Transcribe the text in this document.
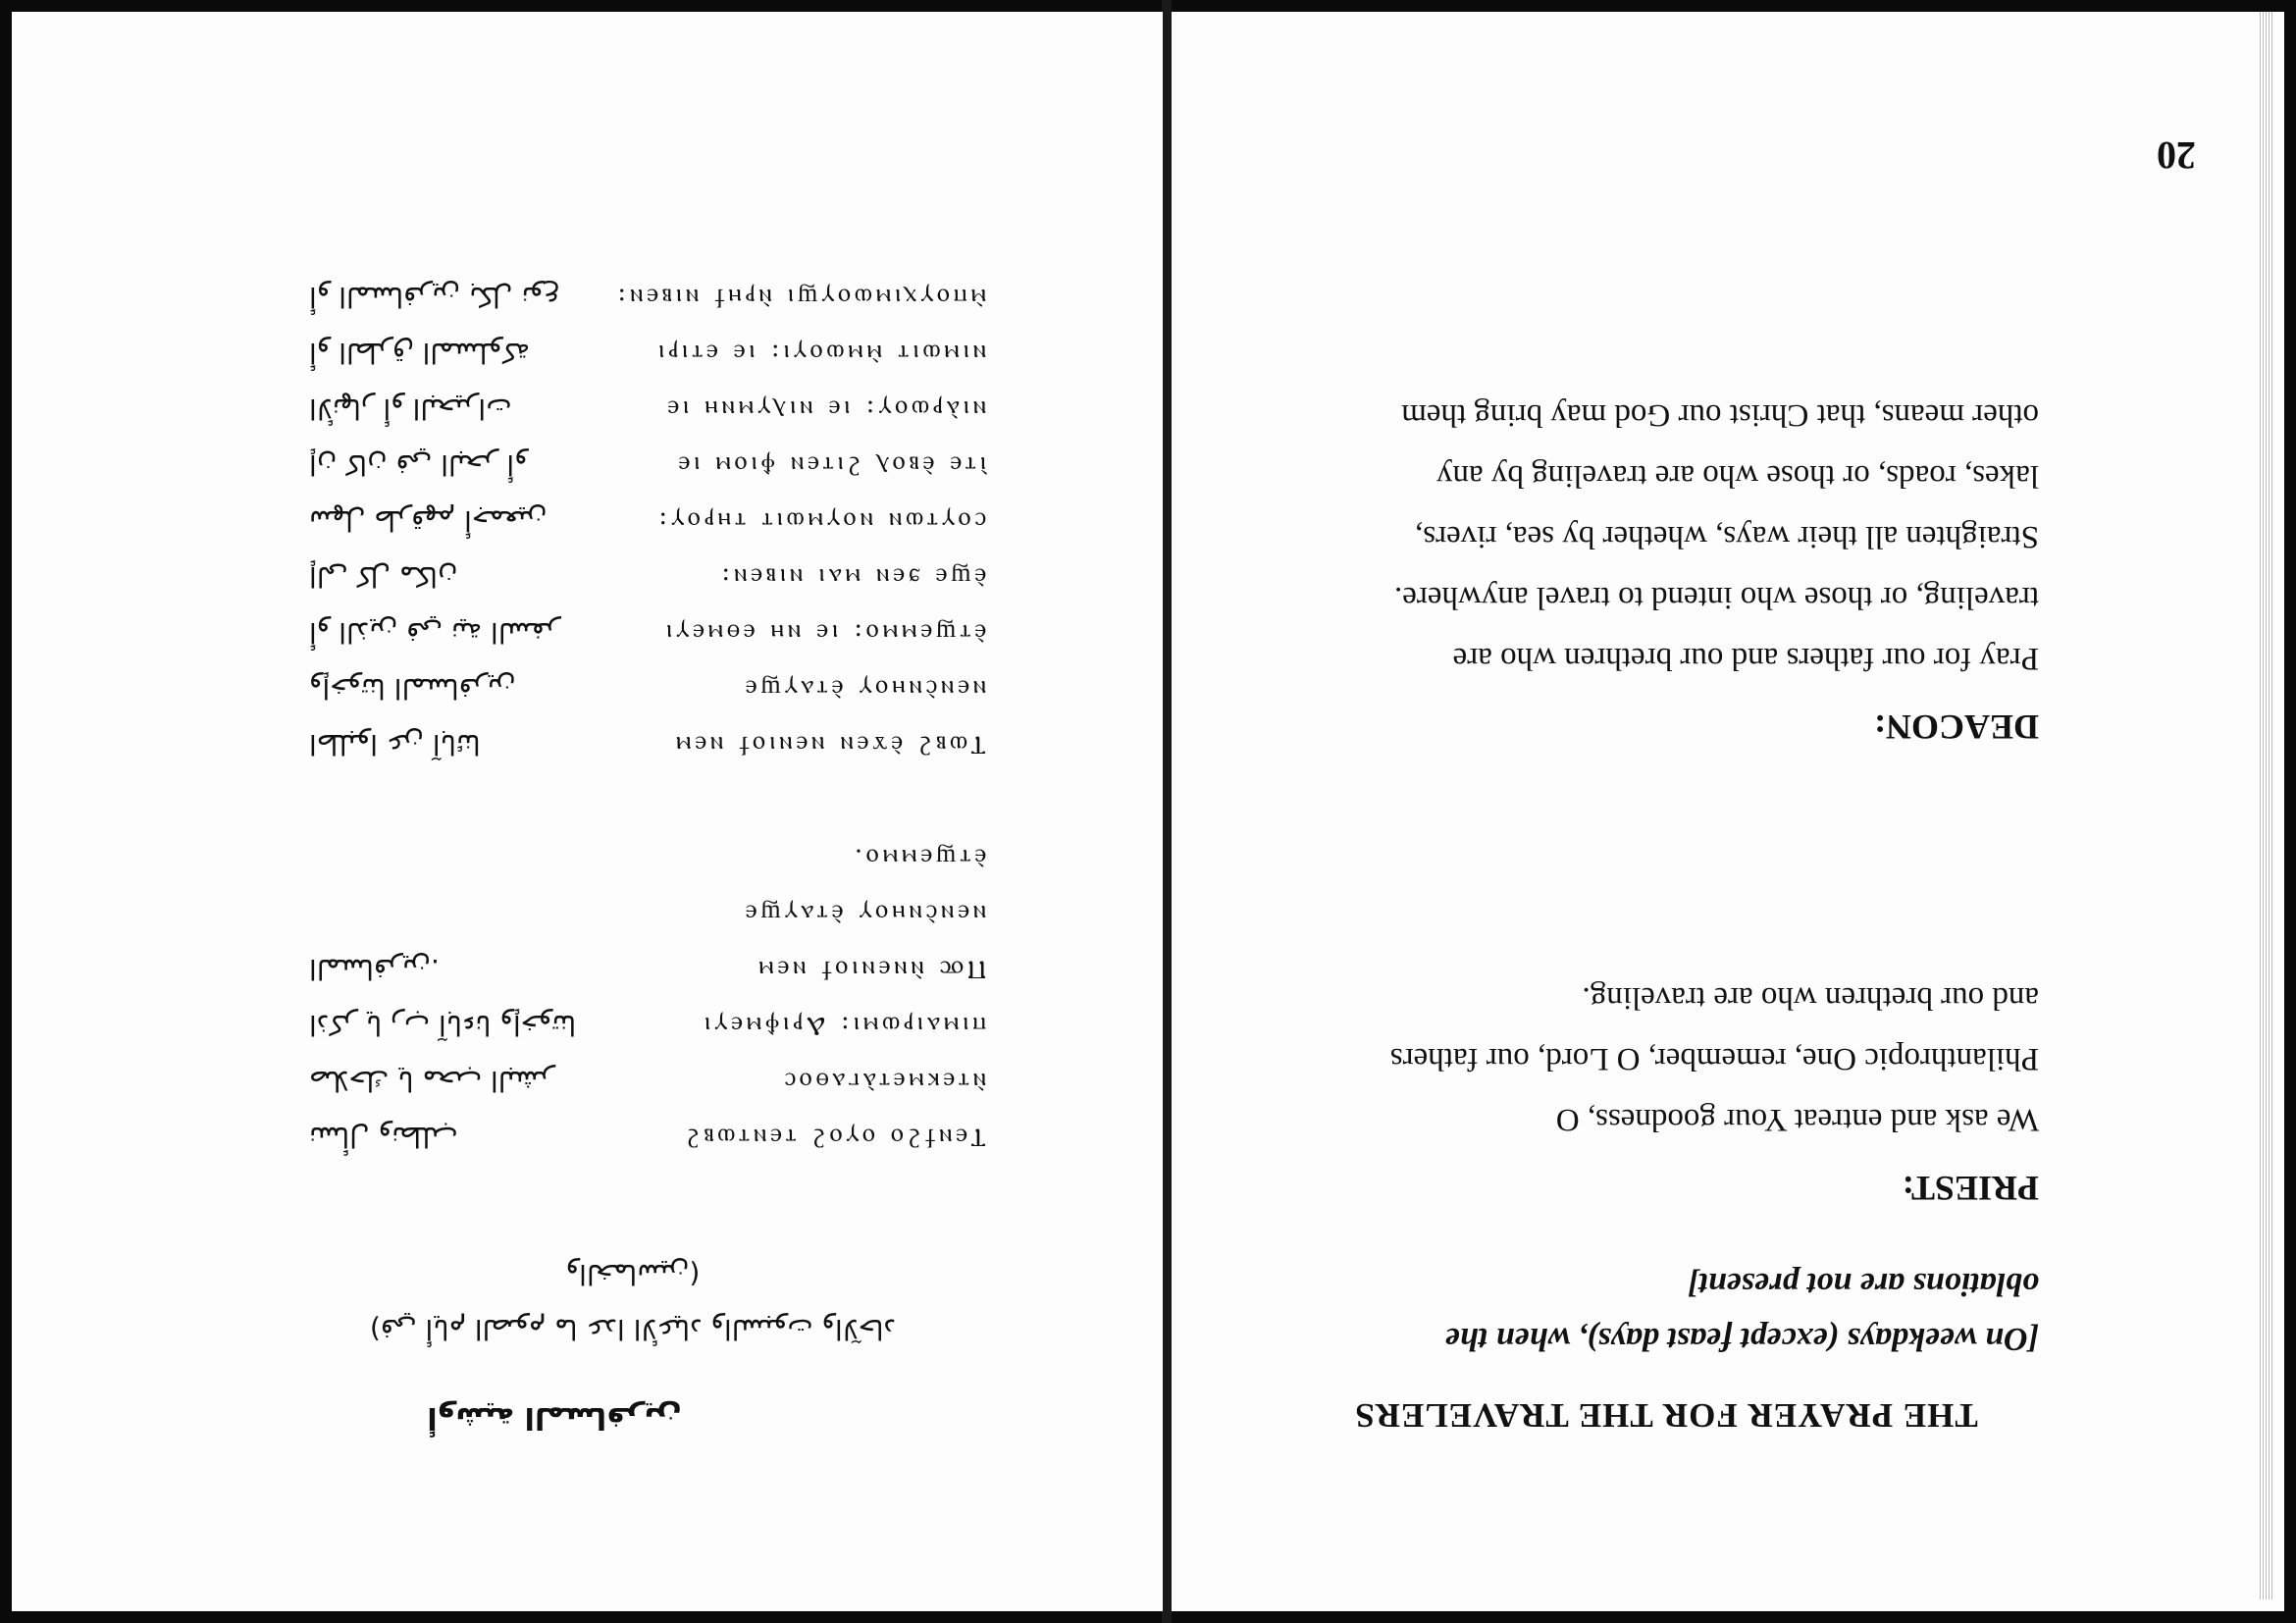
THE PRAYER FOR THE TRAVELERS
[On weekdays (except feast days), when the
oblations are not present]
PRIEST:
We ask and entreat Your goodness, O
Philanthropic One, remember, O Lord, our fathers
and our brethren who are traveling.
DEACON:
Pray for our fathers and our brethren who are
traveling, or those who intend to travel anywhere.
Straighten all their ways, whether by sea, rivers,
lakes, roads, or those who are traveling by any
other means, that Christ our God may bring them
20
أوشية المسافرين
(في أيام الصوم ما عدا الأعياد والسبوت والآحاد
والخماسين)
Ⲧⲉⲛϯϩⲟ ⲟⲩⲟϩ ⲧⲉⲛⲧⲱⲃϩ
ⲛ̀ⲧⲉⲕⲙⲉⲧⲁ̀ⲅⲁⲑⲟⲥ
ⲡⲓⲙⲁⲓⲣⲱⲙⲓ: Ⲁⲣⲓⲫ̀ⲙⲉⲩⲓ
Ⲡ⳪ ⲛ̀ⲛⲉⲛⲓⲟϯ ⲛⲉⲙ
ⲛⲉⲛⲥ̀ⲛⲏⲟⲩ ⲉ̀ⲧⲁⲩϣⲉ
ⲉ̀ⲧϣⲉⲙⲙⲟ.
نسأل ونطلب
صلاحك يا محب البشر
اذكر يا رب آباءنا وإخوتنا
المسافرين.
Ⲧⲱⲃϩ ⲉ̀ϫⲉⲛ ⲛⲉⲛⲓⲟϯ ⲛⲉⲙ
ⲛⲉⲛⲥ̀ⲛⲏⲟⲩ ⲉ̀ⲧⲁⲩϣⲉ
ⲉ̀ⲧϣⲉⲙⲙⲟ: ⲓⲉ ⲛⲏ ⲉⲑⲙⲉⲩⲓ
ⲉ̀ϣⲉ ϧⲉⲛ ⲙⲁⲓ ⲛⲓⲃⲉⲛ:
ⲥⲟⲩⲧⲱⲛ ⲛⲟⲩⲙⲱⲓⲧ ⲧⲏⲣⲟⲩ:
ⲓ̀ⲧⲉ ⲉ̀ⲃⲟⲗ ϩⲓⲧⲉⲛ ⲫ̀ⲓⲟⲙ ⲓⲉ
ⲛⲓⲁ̀ⲣⲱⲟⲩ: ⲓⲉ ⲛⲓⲗⲩⲙⲛⲏ ⲓⲉ
ⲛⲓⲙⲱⲓⲧ ⲙ̀ⲙⲱⲟⲩⲓ: ⲓⲉ ⲉⲧⲓⲣⲓ
ⲙ̀ⲡⲟⲩⲭⲓⲙⲱⲟⲩϣⲓ ⲛ̀ⲣⲏϯ ⲛⲓⲃⲉⲛ:
اطلبوا عن آبائنا
وإخوتنا المسافرين
أو الذين في نية السفر
إلى كل مكان
سهل طرقهم أجمعين
إن كان في البحر أو
الأنهار أو البحيرات
أو الطرق المسلوكة
أو المسافرين بكل نوع
